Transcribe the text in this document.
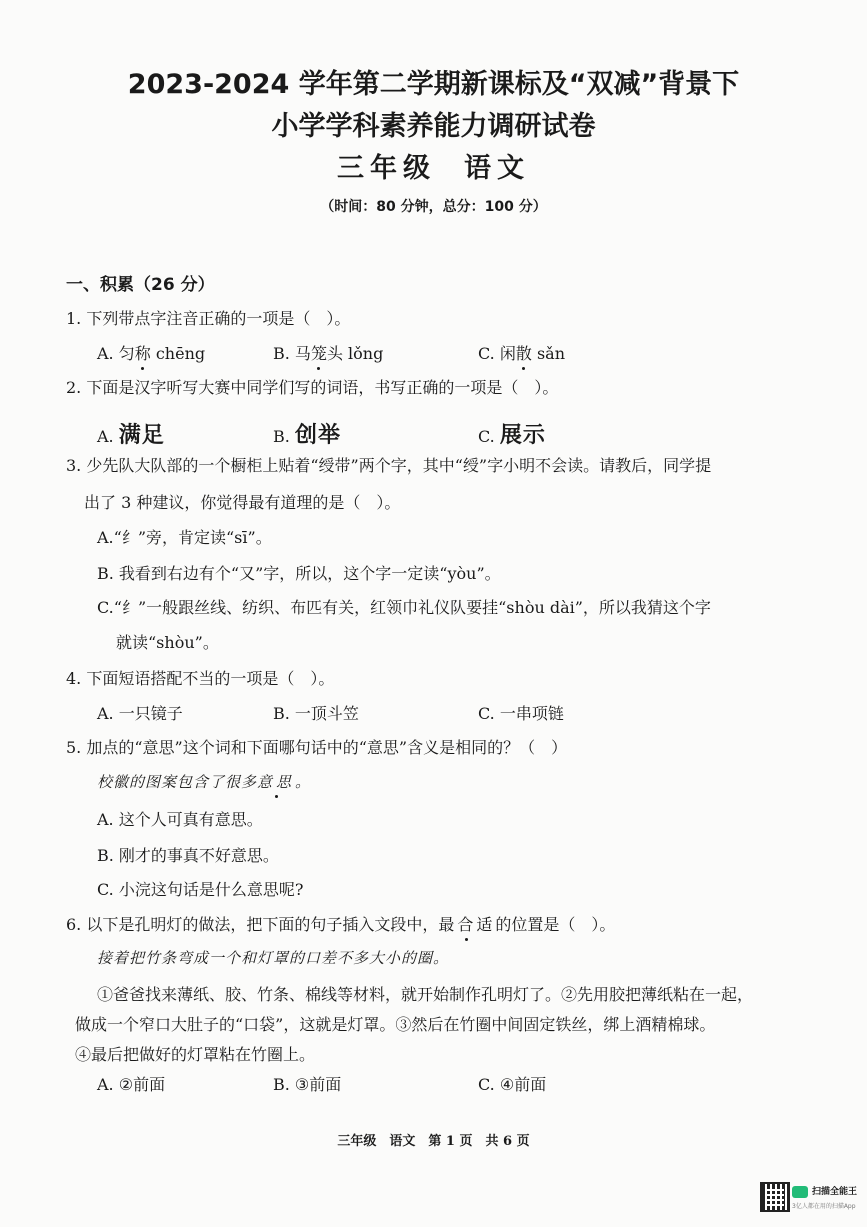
2023-2024 学年第二学期新课标及“双减”背景下
小学学科素养能力调研试卷
三年级 语文
（时间：80 分钟，总分：100 分）
一、积累（26 分）
1. 下列带点字注音正确的一项是（　）。
A. 匀称 chēng	B. 马笼头 lǒng	C. 闲散 sǎn
2. 下面是汉字听写大赛中同学们写的词语，书写正确的一项是（　）。
A. 满足	B. 创举	C. 展示
3. 少先队大队部的一个橱柜上贴着“绶带”两个字，其中“绶”字小明不会读。请教后，同学提
出了 3 种建议，你觉得最有道理的是（　）。
A.“纟”旁，肯定读“sī”。
B. 我看到右边有个“又”字，所以，这个字一定读“yòu”。
C.“纟”一般跟丝线、纺织、布匹有关，红领巾礼仪队要挂“shòu dài”，所以我猜这个字
就读“shòu”。
4. 下面短语搭配不当的一项是（　）。
A. 一只镜子	B. 一顶斗笠	C. 一串项链
5. 加点的“意思”这个词和下面哪句话中的“意思”含义是相同的？（　）
校徽的图案包含了很多意思。
A. 这个人可真有意思。
B. 刚才的事真不好意思。
C. 小浣这句话是什么意思呢?
6. 以下是孔明灯的做法，把下面的句子插入文段中，最合适的位置是（　）。
接着把竹条弯成一个和灯罩的口差不多大小的圈。
①爸爸找来薄纸、胶、竹条、棉线等材料，就开始制作孔明灯了。②先用胶把薄纸粘在一起，
做成一个窄口大肚子的“口袋”，这就是灯罩。③然后在竹圈中间固定铁丝，绑上酒精棉球。
④最后把做好的灯罩粘在竹圈上。
A. ②前面	B. ③前面	C. ④前面
三年级　语文　第 1 页　共 6 页
扫描全能王
3亿人都在用的扫描App
